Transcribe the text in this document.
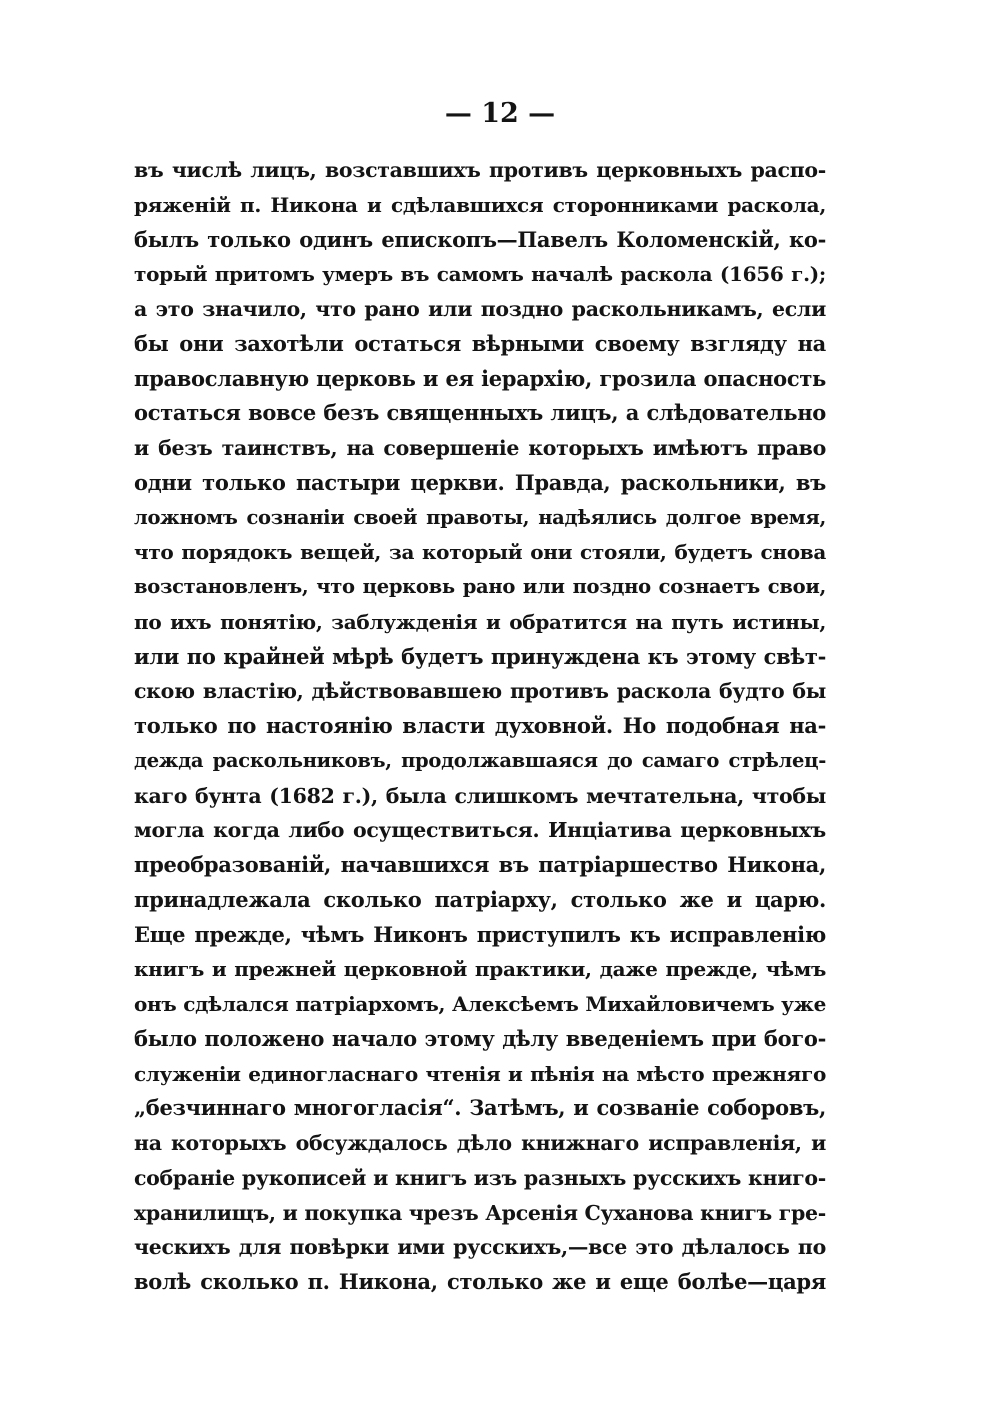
— 12 —
въ числѣ лицъ, возставшихъ противъ церковныхъ распо-
ряженій п. Никона и сдѣлавшихся сторонниками раскола,
былъ только одинъ епископъ—Павелъ Коломенскій, ко-
торый притомъ умеръ въ самомъ началѣ раскола (1656 г.);
а это значило, что рано или поздно раскольникамъ, если
бы они захотѣли остаться вѣрными своему взгляду на
православную церковь и ея іерархію, грозила опасность
остаться вовсе безъ священныхъ лицъ, а слѣдовательно
и безъ таинствъ, на совершеніе которыхъ имѣютъ право
одни только пастыри церкви. Правда, раскольники, въ
ложномъ сознаніи своей правоты, надѣялись долгое время,
что порядокъ вещей, за который они стояли, будетъ снова
возстановленъ, что церковь рано или поздно сознаетъ свои,
по ихъ понятію, заблужденія и обратится на путь истины,
или по крайней мѣрѣ будетъ принуждена къ этому свѣт-
скою властію, дѣйствовавшею противъ раскола будто бы
только по настоянію власти духовной. Но подобная на-
дежда раскольниковъ, продолжавшаяся до самаго стрѣлец-
каго бунта (1682 г.), была слишкомъ мечтательна, чтобы
могла когда либо осуществиться. Инціатива церковныхъ
преобразованій, начавшихся въ патріаршество Никона,
принадлежала сколько патріарху, столько же и царю.
Еще прежде, чѣмъ Никонъ приступилъ къ исправленію
книгъ и прежней церковной практики, даже прежде, чѣмъ
онъ сдѣлался патріархомъ, Алексѣемъ Михайловичемъ уже
было положено начало этому дѣлу введеніемъ при бого-
служеніи единогласнаго чтенія и пѣнія на мѣсто прежняго
„безчиннаго многогласія“. Затѣмъ, и созваніе соборовъ,
на которыхъ обсуждалось дѣло книжнаго исправленія, и
собраніе рукописей и книгъ изъ разныхъ русскихъ книго-
хранилищъ, и покупка чрезъ Арсенія Суханова книгъ гре-
ческихъ для повѣрки ими русскихъ,—все это дѣлалось по
волѣ сколько п. Никона, столько же и еще болѣе—царя
